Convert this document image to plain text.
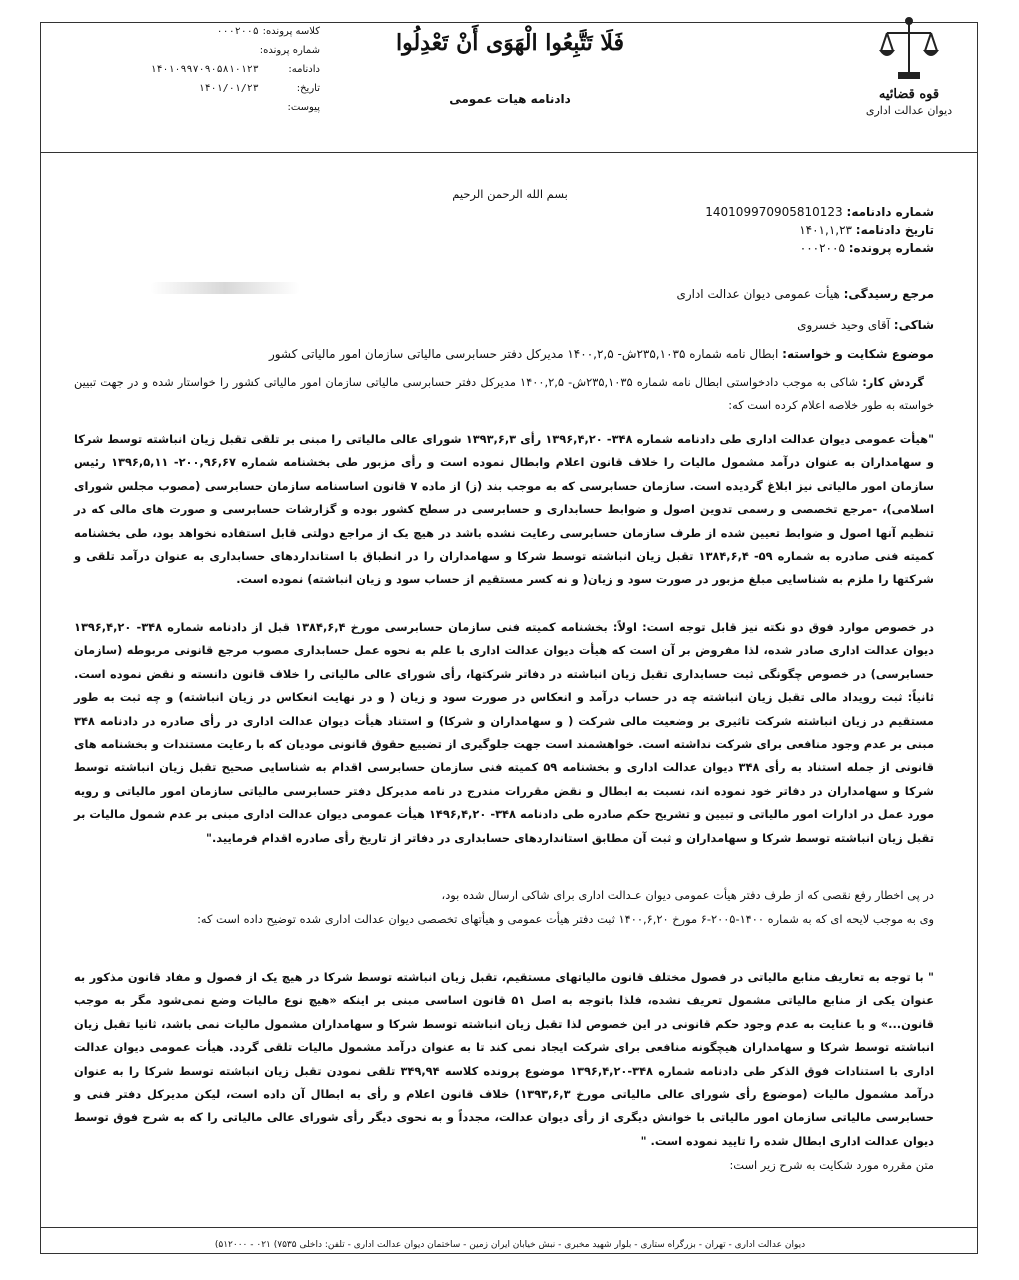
قوه قضائیه
دیوان عدالت اداری
فَلَا تَتَّبِعُوا الْهَوَى أَنْ تَعْدِلُوا
دادنامه هیات عمومی
کلاسه پرونده: ۰۰۰۲۰۰۵
شماره پرونده:
دادنامه: ۱۴۰۱۰۹۹۷۰۹۰۵۸۱۰۱۲۳
تاریخ: ۱۴۰۱/۰۱/۲۳
پیوست:
بسم الله الرحمن الرحیم
شماره دادنامه: 140109970905810123
تاریخ دادنامه: ۱۴۰۱,۱,۲۳
شماره پرونده: ۰۰۰۲۰۰۵
مرجع رسیدگی: هیأت عمومی دیوان عدالت اداری
شاکی: آقای وحید خسروی
موضوع شکایت و خواسته: ابطال نامه شماره ۲۳۵,۱۰۳۵ش- ۱۴۰۰,۲,۵ مدیرکل دفتر حسابرسی مالیاتی سازمان امور مالیاتی کشور
گردش کار: شاکی به موجب دادخواستی ابطال نامه شماره ۲۳۵,۱۰۳۵ش- ۱۴۰۰,۲,۵ مدیرکل دفتر حسابرسی مالیاتی سازمان امور مالیاتی کشور را خواستار شده و در جهت تبیین خواسته به طور خلاصه اعلام کرده است که:
"هیأت عمومی دیوان عدالت اداری طی دادنامه شماره ۳۴۸- ۱۳۹۶,۴,۲۰ رأی ۱۳۹۳,۶,۳ شورای عالی مالیاتی را مبنی بر تلقی تقبل زیان انباشته توسط شرکا و سهامداران به عنوان درآمد مشمول مالیات را خلاف قانون اعلام وابطال نموده است و رأی مزبور طی بخشنامه شماره ۲۰۰,۹۶,۶۷- ۱۳۹۶,۵,۱۱ رئیس سازمان امور مالیاتی نیز ابلاغ گردیده است. سازمان حسابرسی که به موجب بند (ز) از ماده ۷ قانون اساسنامه سازمان حسابرسی (مصوب مجلس شورای اسلامی)، -مرجع تخصصی و رسمی تدوین اصول و ضوابط حسابداری و حسابرسی در سطح کشور بوده و گزارشات حسابرسی و صورت های مالی که در تنظیم آنها اصول و ضوابط تعیین شده از طرف سازمان حسابرسی رعایت نشده باشد در هیچ یک از مراجع دولتی قابل استفاده نخواهد بود، طی بخشنامه کمیته فنی صادره به شماره ۵۹- ۱۳۸۴,۶,۴ تقبل زیان انباشته توسط شرکا و سهامداران را در انطباق با استانداردهای حسابداری به عنوان درآمد تلقی و شرکتها را ملزم به شناسایی مبلغ مزبور در صورت سود و زیان( و نه کسر مستقیم از حساب سود و زیان انباشته) نموده است.
در خصوص موارد فوق دو نکته نیز قابل توجه است: اولاً: بخشنامه کمیته فنی سازمان حسابرسی مورخ ۱۳۸۴,۶,۴ قبل از دادنامه شماره ۳۴۸- ۱۳۹۶,۴,۲۰ دیوان عدالت اداری صادر شده، لذا مفروض بر آن است که هیأت دیوان عدالت اداری با علم به نحوه عمل حسابداری مصوب مرجع قانونی مربوطه (سازمان حسابرسی) در خصوص چگونگی ثبت حسابداری تقبل زیان انباشته در دفاتر شرکتها، رأی شورای عالی مالیاتی را خلاف قانون دانسته و نقض نموده است. ثانیاً: ثبت رویداد مالی تقبل زیان انباشته چه در حساب درآمد و انعکاس در صورت سود و زیان ( و در نهایت انعکاس در زیان انباشته) و چه ثبت به طور مستقیم در زیان انباشته شرکت تاثیری بر وضعیت مالی شرکت ( و سهامداران و شرکا) و استناد هیأت دیوان عدالت اداری در رأی صادره در دادنامه ۳۴۸ مبنی بر عدم وجود منافعی برای شرکت نداشته است. خواهشمند است جهت جلوگیری از تضییع حقوق قانونی مودیان که با رعایت مستندات و بخشنامه های قانونی از جمله استناد به رأی ۳۴۸ دیوان عدالت اداری و بخشنامه ۵۹ کمیته فنی سازمان حسابرسی اقدام به شناسایی صحیح تقبل زیان انباشته توسط شرکا و سهامداران در دفاتر خود نموده اند، نسبت به ابطال و نقض مقررات مندرج در نامه مدیرکل دفتر حسابرسی مالیاتی سازمان امور مالیاتی و رویه مورد عمل در ادارات امور مالیاتی و تبیین و تشریح حکم صادره طی دادنامه ۳۴۸- ۱۴۹۶,۴,۲۰ هیأت عمومی دیوان عدالت اداری مبنی بر عدم شمول مالیات بر تقبل زیان انباشته توسط شرکا و سهامداران و ثبت آن مطابق استانداردهای حسابداری در دفاتر از تاریخ رأی صادره اقدام فرمایید."
در پی اخطار رفع نقصی که از طرف دفتر هیأت عمومی دیوان عـدالت اداری برای شاکی ارسال شده بود،
وی به موجب لایحه ای که به شماره ۱۴۰۰-۲۰۰۵-۶ مورخ ۱۴۰۰,۶,۲۰ ثبت دفتر هیأت عمومی و هیأتهای تخصصی دیوان عدالت اداری شده توضیح داده است که:
" با توجه به تعاریف منابع مالیاتی در فصول مختلف قانون مالیاتهای مستقیم، تقبل زیان انباشته توسط شرکا در هیچ یک از فصول و مفاد قانون مذکور به عنوان یکی از منابع مالیاتی مشمول تعریف نشده، فلذا باتوجه به اصل ۵۱ قانون اساسی مبنی بر اینکه «هیچ نوع مالیات وضع نمی‌شود مگر به موجب قانون...» و با عنایت به عدم وجود حکم قانونی در این خصوص لذا تقبل زیان انباشته توسط شرکا و سهامداران مشمول مالیات نمی باشد، ثانیا تقبل زیان انباشته توسط شرکا و سهامداران هیچگونه منافعی برای شرکت ایجاد نمی کند تا به عنوان درآمد مشمول مالیات تلقی گردد. هیأت عمومی دیوان عدالت اداری با استنادات فوق الذکر طی دادنامه شماره ۳۴۸-۱۳۹۶,۴,۲۰ موضوع پرونده کلاسه ۳۴۹,۹۴ تلقی نمودن تقبل زیان انباشته توسط شرکا را به عنوان درآمد مشمول مالیات (موضوع رأی شورای عالی مالیاتی مورخ ۱۳۹۳,۶,۳) خلاف قانون اعلام و رأی به ابطال آن داده است، لیکن مدیرکل دفتر فنی و حسابرسی مالیاتی سازمان امور مالیاتی با خوانش دیگری از رأی دیوان عدالت، مجدداً و به نحوی دیگر رأی شورای عالی مالیاتی را که به شرح فوق توسط دیوان عدالت اداری ابطال شده را تایید نموده است. "
متن مقرره مورد شکایت به شرح زیر است:
دیوان عدالت اداری - تهران - بزرگراه ستاری - بلوار شهید مخبری - نبش خیابان ایران زمین - ساختمان دیوان عدالت اداری - تلفن: داخلی ۷۵۳۵) ۰۲۱ - ۵۱۲۰۰۰)
